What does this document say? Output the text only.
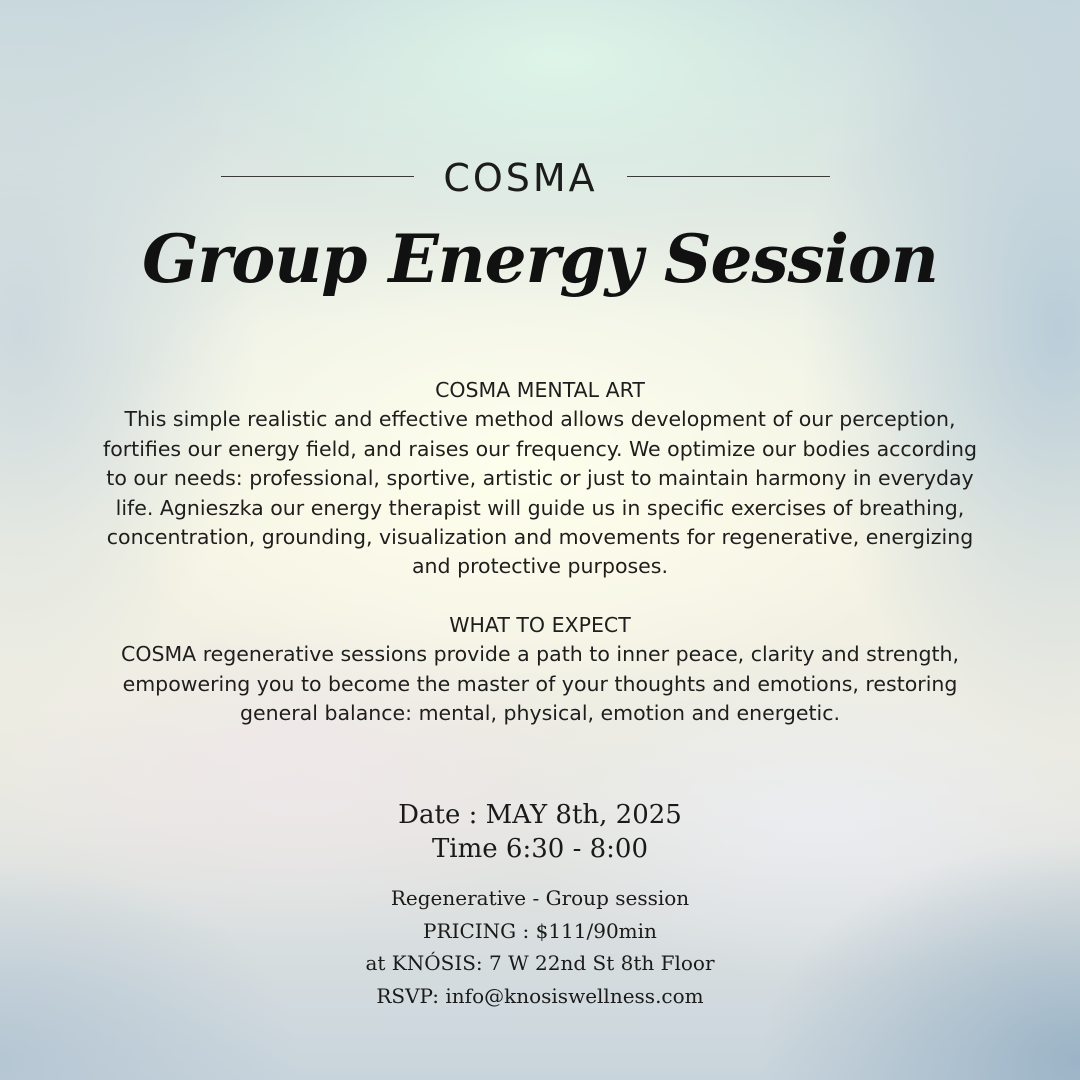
COSMA
Group Energy Session
COSMA MENTAL ART
This simple realistic and effective method allows development of our perception, fortifies our energy field, and raises our frequency. We optimize our bodies according to our needs: professional, sportive, artistic or just to maintain harmony in everyday life. Agnieszka our energy therapist will guide us in specific exercises of breathing, concentration, grounding, visualization and movements for regenerative, energizing and protective purposes.
WHAT TO EXPECT
COSMA regenerative sessions provide a path to inner peace, clarity and strength, empowering you to become the master of your thoughts and emotions, restoring general balance: mental, physical, emotion and energetic.
Date : MAY 8th, 2025
Time 6:30 - 8:00
Regenerative - Group session
PRICING : $111/90min
at KNÓSIS: 7 W 22nd St 8th Floor
RSVP: info@knosiswellness.com
